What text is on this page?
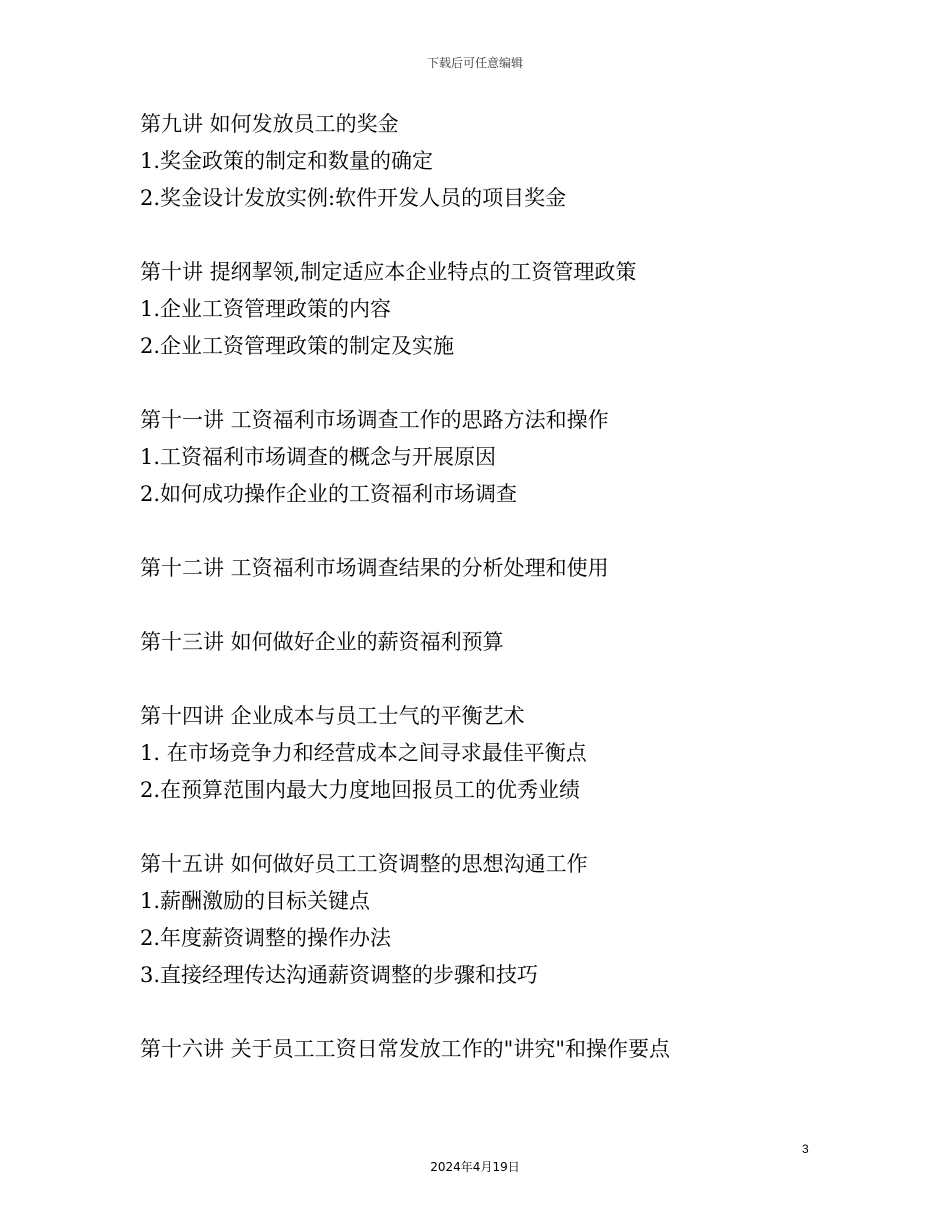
下载后可任意编辑
第九讲 如何发放员工的奖金
1.奖金政策的制定和数量的确定
2.奖金设计发放实例:软件开发人员的项目奖金
第十讲 提纲挈领,制定适应本企业特点的工资管理政策
1.企业工资管理政策的内容
2.企业工资管理政策的制定及实施
第十一讲 工资福利市场调查工作的思路方法和操作
1.工资福利市场调查的概念与开展原因
2.如何成功操作企业的工资福利市场调查
第十二讲 工资福利市场调查结果的分析处理和使用
第十三讲 如何做好企业的薪资福利预算
第十四讲 企业成本与员工士气的平衡艺术
1. 在市场竞争力和经营成本之间寻求最佳平衡点
2.在预算范围内最大力度地回报员工的优秀业绩
第十五讲 如何做好员工工资调整的思想沟通工作
1.薪酬激励的目标关键点
2.年度薪资调整的操作办法
3.直接经理传达沟通薪资调整的步骤和技巧
第十六讲 关于员工工资日常发放工作的"讲究"和操作要点
3
2024年4月19日
